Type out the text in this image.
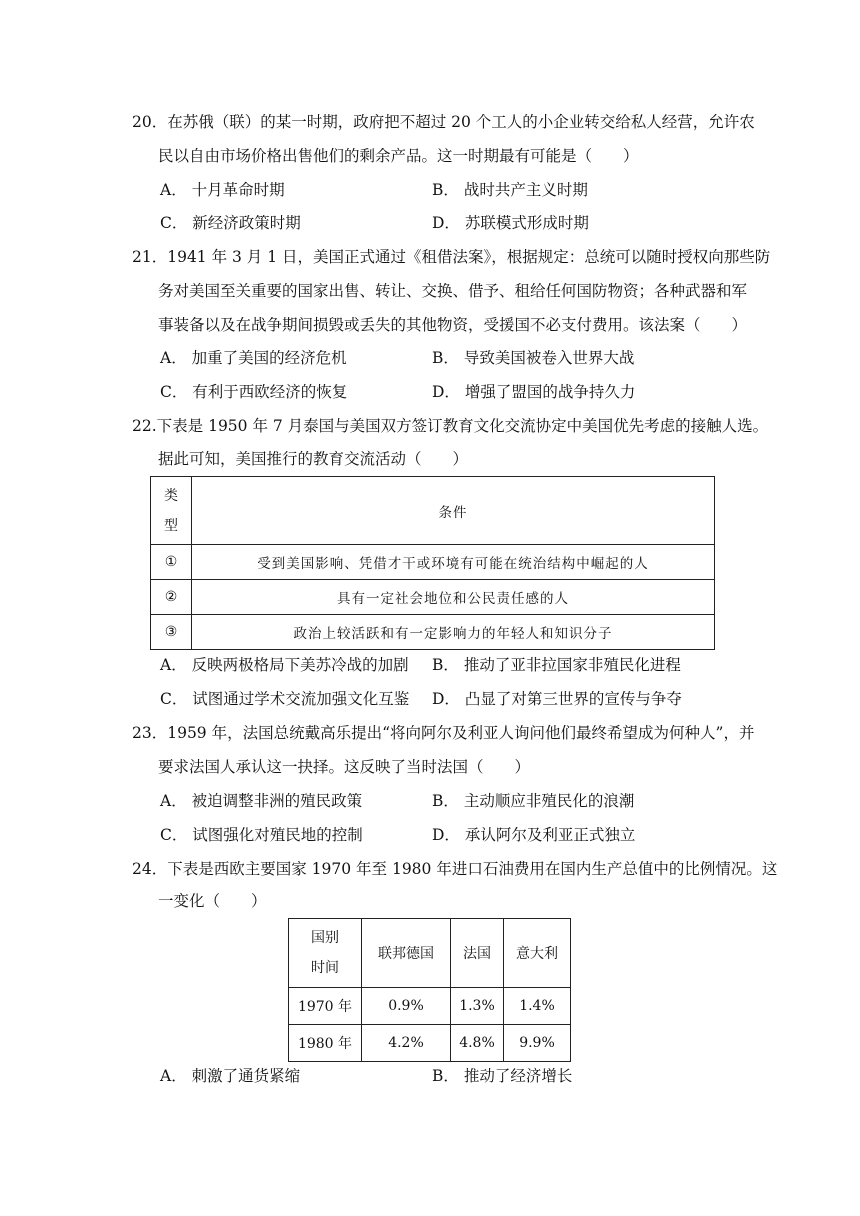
20．在苏俄（联）的某一时期，政府把不超过 20 个工人的小企业转交给私人经营，允许农
民以自由市场价格出售他们的剩余产品。这一时期最有可能是（　　）
A． 十月革命时期	B． 战时共产主义时期
C． 新经济政策时期	D． 苏联模式形成时期
21．1941 年 3 月 1 日，美国正式通过《租借法案》，根据规定：总统可以随时授权向那些防
务对美国至关重要的国家出售、转让、交换、借予、租给任何国防物资；各种武器和军
事装备以及在战争期间损毁或丢失的其他物资，受援国不必支付费用。该法案（　　）
A． 加重了美国的经济危机	B． 导致美国被卷入世界大战
C． 有利于西欧经济的恢复	D． 增强了盟国的战争持久力
22.下表是 1950 年 7 月泰国与美国双方签订教育文化交流协定中美国优先考虑的接触人选。
据此可知，美国推行的教育交流活动（　　）
类
型	条件
①	受到美国影响、凭借才干或环境有可能在统治结构中崛起的人
②	具有一定社会地位和公民责任感的人
③	政治上较活跃和有一定影响力的年轻人和知识分子
A． 反映两极格局下美苏冷战的加剧 B． 推动了亚非拉国家非殖民化进程
C． 试图通过学术交流加强文化互鉴 D． 凸显了对第三世界的宣传与争夺
23．1959 年，法国总统戴高乐提出“将向阿尔及利亚人询问他们最终希望成为何种人”，并
要求法国人承认这一抉择。这反映了当时法国（　　）
A． 被迫调整非洲的殖民政策	B． 主动顺应非殖民化的浪潮
C． 试图强化对殖民地的控制	D． 承认阿尔及利亚正式独立
24．下表是西欧主要国家 1970 年至 1980 年进口石油费用在国内生产总值中的比例情况。这
一变化（　　）
国别
时间	联邦德国	法国	意大利
1970 年	0.9%	1.3%	1.4%
1980 年	4.2%	4.8%	9.9%
A． 刺激了通货紧缩	B． 推动了经济增长
